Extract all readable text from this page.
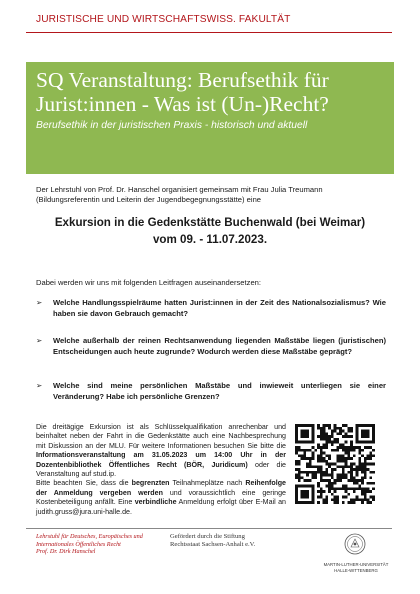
JURISTISCHE UND WIRTSCHAFTSWISS. FAKULTÄT
SQ Veranstaltung: Berufsethik für
Jurist:innen - Was ist (Un-)Recht?
Berufsethik in der juristischen Praxis - historisch und aktuell
Der Lehrstuhl von Prof. Dr. Hanschel organisiert gemeinsam mit Frau Julia Treumann (Bildungsreferentin und Leiterin der Jugendbegegnungsstätte) eine
Exkursion in die Gedenkstätte Buchenwald (bei Weimar)
vom 09. - 11.07.2023.
Dabei werden wir uns mit folgenden Leitfragen auseinandersetzen:
➢ Welche Handlungsspielräume hatten Jurist:innen in der Zeit des Nationalsozialismus? Wie haben sie davon Gebrauch gemacht?
➢ Welche außerhalb der reinen Rechtsanwendung liegenden Maßstäbe liegen (juristischen) Entscheidungen auch heute zugrunde? Wodurch werden diese Maßstäbe geprägt?
➢ Welche sind meine persönlichen Maßstäbe und inwieweit unterliegen sie einer Veränderung? Habe ich persönliche Grenzen?
Die dreitägige Exkursion ist als Schlüsselqualifikation anrechenbar und beinhaltet neben der Fahrt in die Gedenkstätte auch eine Nachbesprechung mit Diskussion an der MLU. Für weitere Informationen besuchen Sie bitte die Informationsveranstaltung am 31.05.2023 um 14:00 Uhr in der Dozentenbibliothek Öffentliches Recht (BÖR, Juridicum) oder die Veranstaltung auf stud.ip.
Bitte beachten Sie, dass die begrenzten Teilnahmeplätze nach Reihenfolge der Anmeldung vergeben werden und voraussichtlich eine geringe Kostenbeteiligung anfällt. Eine verbindliche Anmeldung erfolgt über E-Mail an judith.gruss@jura.uni-halle.de.
Lehrstuhl für Deutsches, Europäisches und
Internationales Öffentliches Recht
Prof. Dr. Dirk Hanschel
Gefördert durch die Stiftung
Rechtsstaat Sachsen-Anhalt e.V.
MARTIN-LUTHER-UNIVERSITÄT
HALLE-WITTENBERG
